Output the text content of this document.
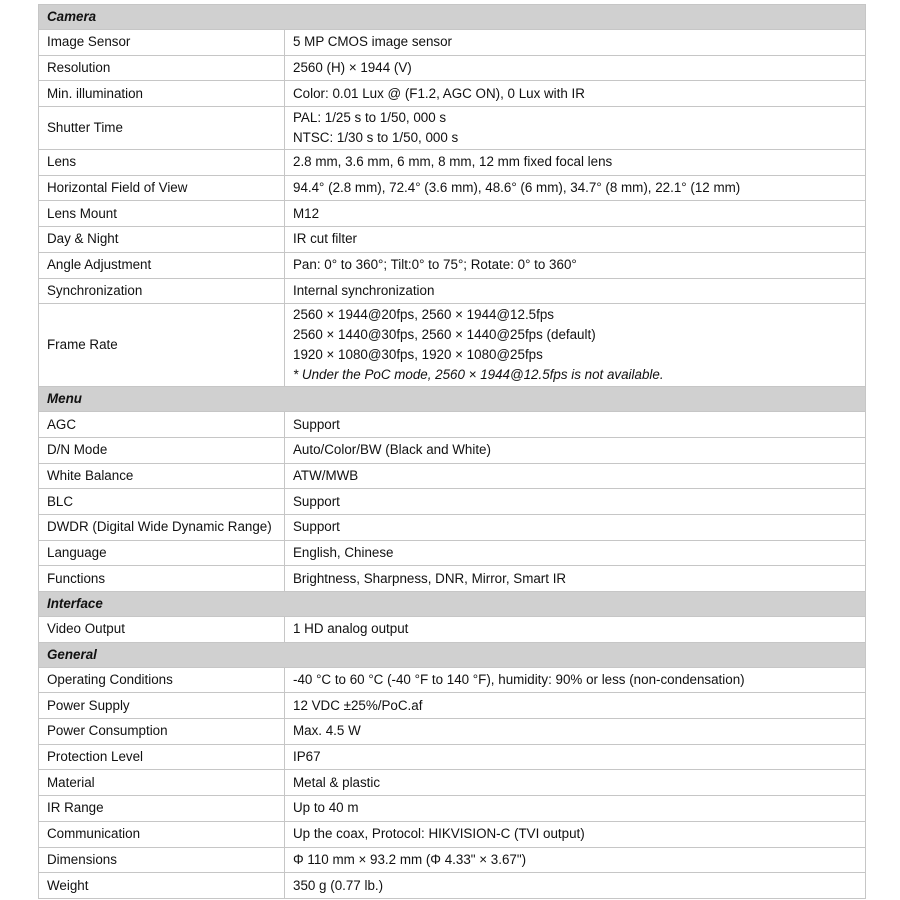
Camera	
Image Sensor	5 MP CMOS image sensor

Resolution	2560 (H) × 1944 (V)

Min. illumination	Color: 0.01 Lux @ (F1.2, AGC ON), 0 Lux with IR

Shutter Time	PAL: 1/25 s to 1/50, 000 s
NTSC: 1/30 s to 1/50, 000 s

Lens	2.8 mm, 3.6 mm, 6 mm, 8 mm, 12 mm fixed focal lens

Horizontal Field of View	94.4° (2.8 mm), 72.4° (3.6 mm), 48.6° (6 mm), 34.7° (8 mm), 22.1° (12 mm)

Lens Mount	M12

Day & Night	IR cut filter

Angle Adjustment	Pan: 0° to 360°; Tilt:0° to 75°; Rotate: 0° to 360°

Synchronization	Internal synchronization

Frame Rate	2560 × 1944@20fps, 2560 × 1944@12.5fps
2560 × 1440@30fps, 2560 × 1440@25fps (default)
1920 × 1080@30fps, 1920 × 1080@25fps
* Under the PoC mode, 2560 × 1944@12.5fps is not available.

Menu	
AGC	Support

D/N Mode	Auto/Color/BW (Black and White)

White Balance	ATW/MWB

BLC	Support

DWDR (Digital Wide Dynamic Range)	Support

Language	English, Chinese

Functions	Brightness, Sharpness, DNR, Mirror, Smart IR

Interface	
Video Output	1 HD analog output

General	
Operating Conditions	-40 °C to 60 °C (-40 °F to 140 °F), humidity: 90% or less (non-condensation)

Power Supply	12 VDC ±25%/PoC.af

Power Consumption	Max. 4.5 W

Protection Level	IP67

Material	Metal & plastic

IR Range	Up to 40 m

Communication	Up the coax, Protocol: HIKVISION-C (TVI output)

Dimensions	Φ 110 mm × 93.2 mm (Φ 4.33" × 3.67")

Weight	350 g (0.77 lb.)
